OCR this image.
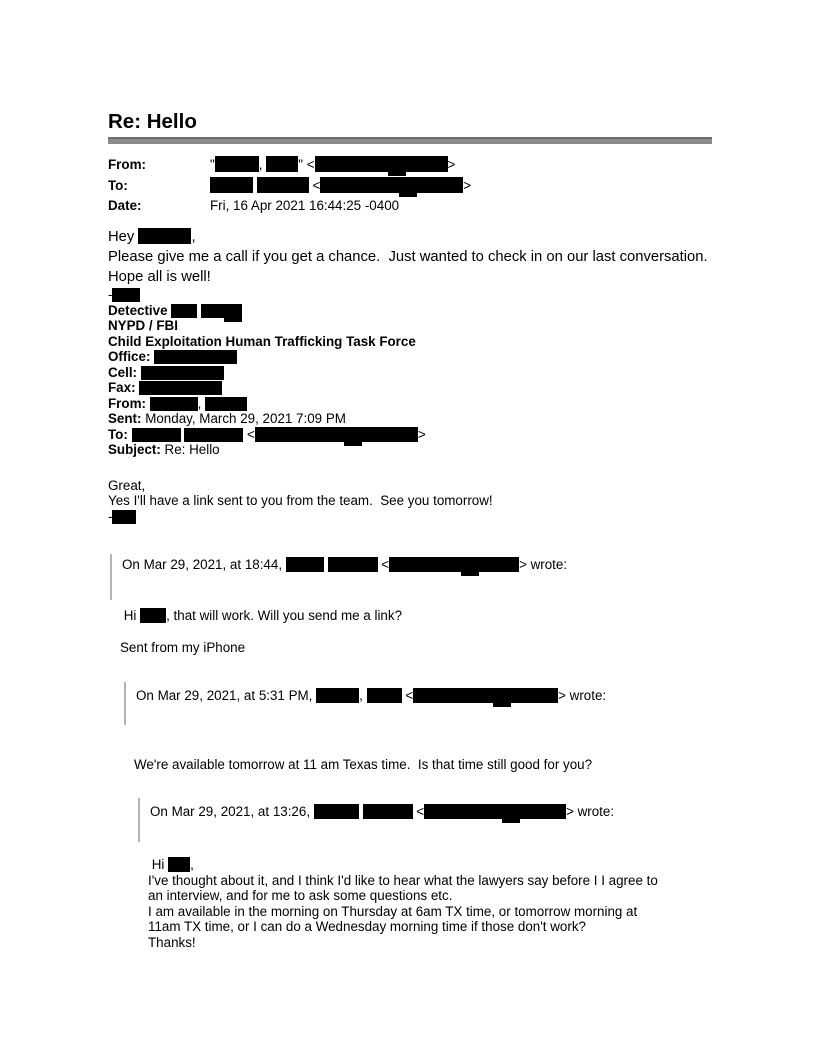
Re: Hello
From:	"	, " <	>
To:	<	>
Date:	Fri, 16 Apr 2021 16:44:25 -0400
Hey	,
Please give me a call if you get a chance.  Just wanted to check in on our last conversation.
Hope all is well!
-
Detective
NYPD / FBI
Child Exploitation Human Trafficking Task Force
Office:
Cell:
Fax:
From:	,
Sent: Monday, March 29, 2021 7:09 PM
To:	<	>
Subject: Re: Hello
Great,
Yes I'll have a link sent to you from the team.  See you tomorrow!
-
On Mar 29, 2021, at 18:44,	<	> wrote:
Hi , that will work. Will you send me a link?
Sent from my iPhone
On Mar 29, 2021, at 5:31 PM,	,	<	> wrote:
We're available tomorrow at 11 am Texas time.  Is that time still good for you?
On Mar 29, 2021, at 13:26,	<	> wrote:
Hi ,
I've thought about it, and I think I'd like to hear what the lawyers say before I I agree to
an interview, and for me to ask some questions etc.
I am available in the morning on Thursday at 6am TX time, or tomorrow morning at
11am TX time, or I can do a Wednesday morning time if those don't work?
Thanks!
